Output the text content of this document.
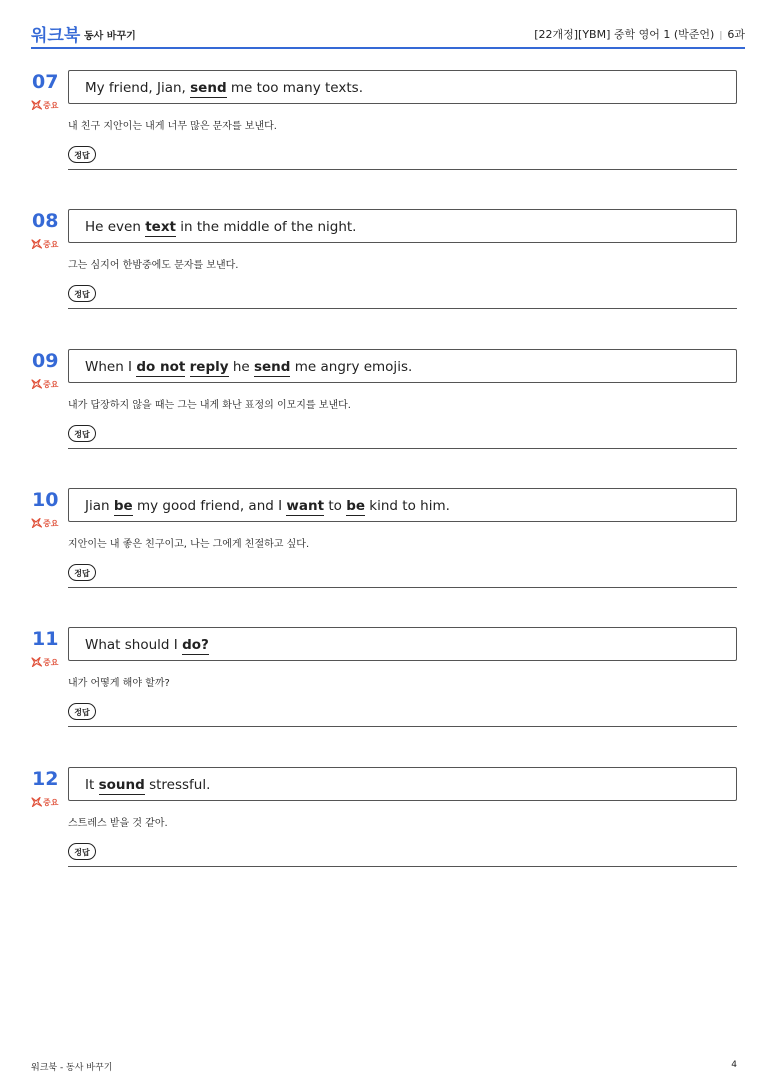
워크북 동사 바꾸기	[22개정][YBM] 중학 영어 1 (박준언) | 6과
07
중요
My friend, Jian, send me too many texts.
내 친구 지안이는 내게 너무 많은 문자를 보낸다.
정답
08
중요
He even text in the middle of the night.
그는 심지어 한밤중에도 문자를 보낸다.
정답
09
중요
When I do not reply he send me angry emojis.
내가 답장하지 않을 때는 그는 내게 화난 표정의 이모지를 보낸다.
정답
10
중요
Jian be my good friend, and I want to be kind to him.
지안이는 내 좋은 친구이고, 나는 그에게 친절하고 싶다.
정답
11
중요
What should I do?
내가 어떻게 해야 할까?
정답
12
중요
It sound stressful.
스트레스 받을 것 같아.
정답
워크북 - 동사 바꾸기	4
